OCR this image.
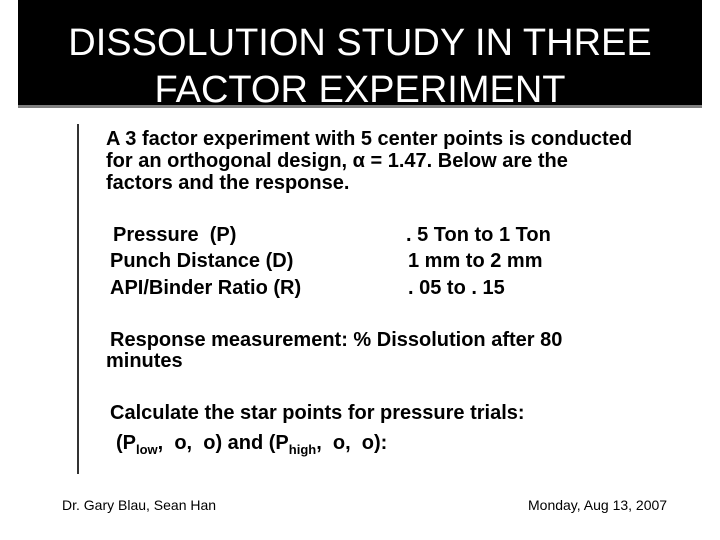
DISSOLUTION STUDY IN THREE
FACTOR EXPERIMENT
A 3 factor experiment with 5 center points is conducted
for an orthogonal design, α = 1.47. Below are the
factors and the response.
Pressure  (P)
Punch Distance (D)
API/Binder Ratio (R)
. 5 Ton to 1 Ton
1 mm to 2 mm
. 05 to . 15
Response measurement: % Dissolution after 80
minutes
Calculate the star points for pressure trials:
($P_{low}$,  o,  o) and ($P_{high}$,  o,  o):
Dr. Gary Blau, Sean Han	Monday, Aug 13, 2007
